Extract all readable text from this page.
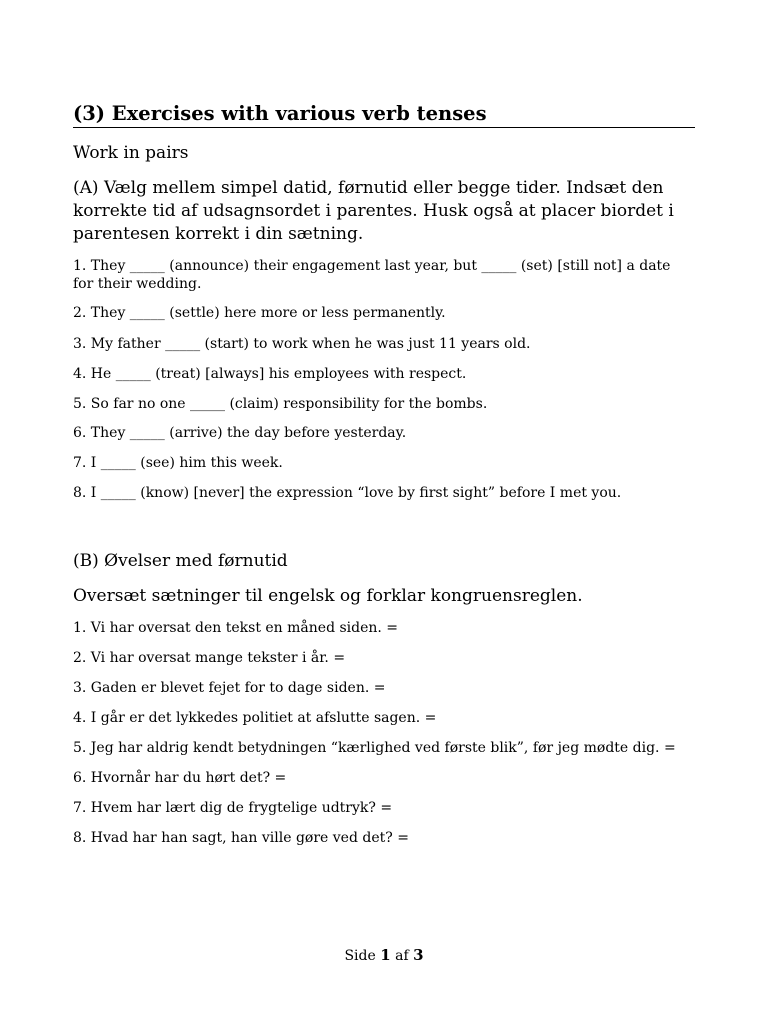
(3) Exercises with various verb tenses
Work in pairs
(A) Vælg mellem simpel datid, førnutid eller begge tider. Indsæt den korrekte tid af udsagnsordet i parentes. Husk også at placer biordet i parentesen korrekt i din sætning.
1. They _____ (announce) their engagement last year, but _____ (set) [still not] a date for their wedding.
2. They _____ (settle) here more or less permanently.
3. My father _____ (start) to work when he was just 11 years old.
4. He _____ (treat) [always] his employees with respect.
5. So far no one _____ (claim) responsibility for the bombs.
6. They _____ (arrive) the day before yesterday.
7. I _____ (see) him this week.
8. I _____ (know) [never] the expression “love by first sight” before I met you.
(B) Øvelser med førnutid
Oversæt sætninger til engelsk og forklar kongruensreglen.
1. Vi har oversat den tekst en måned siden. =
2. Vi har oversat mange tekster i år. =
3. Gaden er blevet fejet for to dage siden. =
4. I går er det lykkedes politiet at afslutte sagen. =
5. Jeg har aldrig kendt betydningen “kærlighed ved første blik”, før jeg mødte dig. =
6. Hvornår har du hørt det? =
7. Hvem har lært dig de frygtelige udtryk? =
8. Hvad har han sagt, han ville gøre ved det? =
Side 1 af 3
